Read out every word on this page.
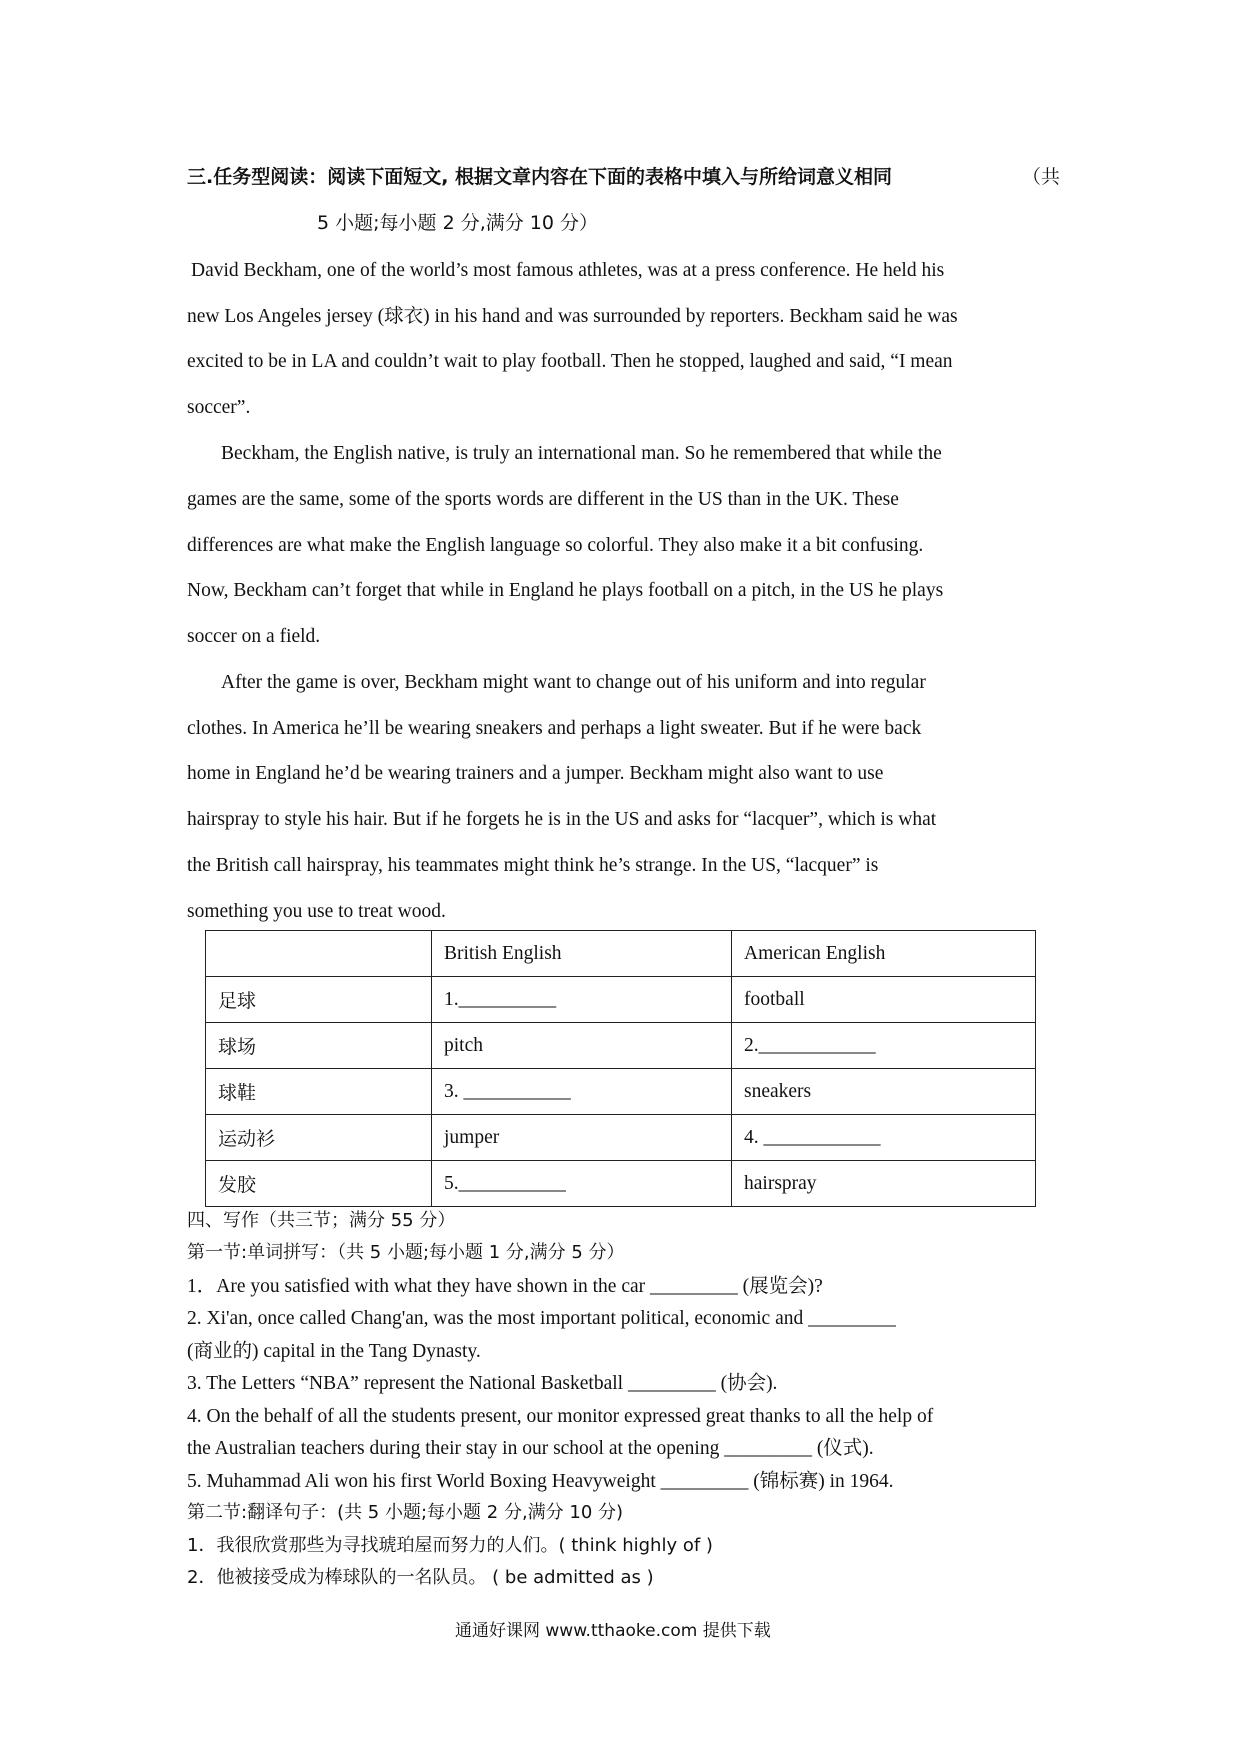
三.任务型阅读：阅读下面短文, 根据文章内容在下面的表格中填入与所给词意义相同	（共
5 小题;每小题 2 分,满分 10 分）
David Beckham, one of the world’s most famous athletes, was at a press conference. He held his
new Los Angeles jersey (球衣) in his hand and was surrounded by reporters. Beckham said he was
excited to be in LA and couldn’t wait to play football. Then he stopped, laughed and said, “I mean
soccer”.
Beckham, the English native, is truly an international man. So he remembered that while the
games are the same, some of the sports words are different in the US than in the UK. These
differences are what make the English language so colorful. They also make it a bit confusing.
Now, Beckham can’t forget that while in England he plays football on a pitch, in the US he plays
soccer on a field.
After the game is over, Beckham might want to change out of his uniform and into regular
clothes. In America he’ll be wearing sneakers and perhaps a light sweater. But if he were back
home in England he’d be wearing trainers and a jumper. Beckham might also want to use
hairspray to style his hair. But if he forgets he is in the US and asks for “lacquer”, which is what
the British call hairspray, his teammates might think he’s strange. In the US, “lacquer” is
something you use to treat wood.
	British English	American English
足球	1.__________	football
球场	pitch	2.____________
球鞋	3. ___________	sneakers
运动衫	jumper	4. ____________
发胶	5.___________	hairspray
四、写作（共三节；满分 55 分）
第一节:单词拼写：（共 5 小题;每小题 1 分,满分 5 分）
1．Are you satisfied with what they have shown in the car _________ (展览会)?
2. Xi'an, once called Chang'an, was the most important political, economic and _________
(商业的) capital in the Tang Dynasty.
3. The Letters “NBA” represent the National Basketball _________ (协会).
4. On the behalf of all the students present, our monitor expressed great thanks to all the help of
the Australian teachers during their stay in our school at the opening _________ (仪式).
5. Muhammad Ali won his first World Boxing Heavyweight _________ (锦标赛) in 1964.
第二节:翻译句子：(共 5 小题;每小题 2 分,满分 10 分)
1．我很欣赏那些为寻找琥珀屋而努力的人们。( think highly of )
2．他被接受成为棒球队的一名队员。 ( be admitted as )
通通好课网 www.tthaoke.com 提供下载
